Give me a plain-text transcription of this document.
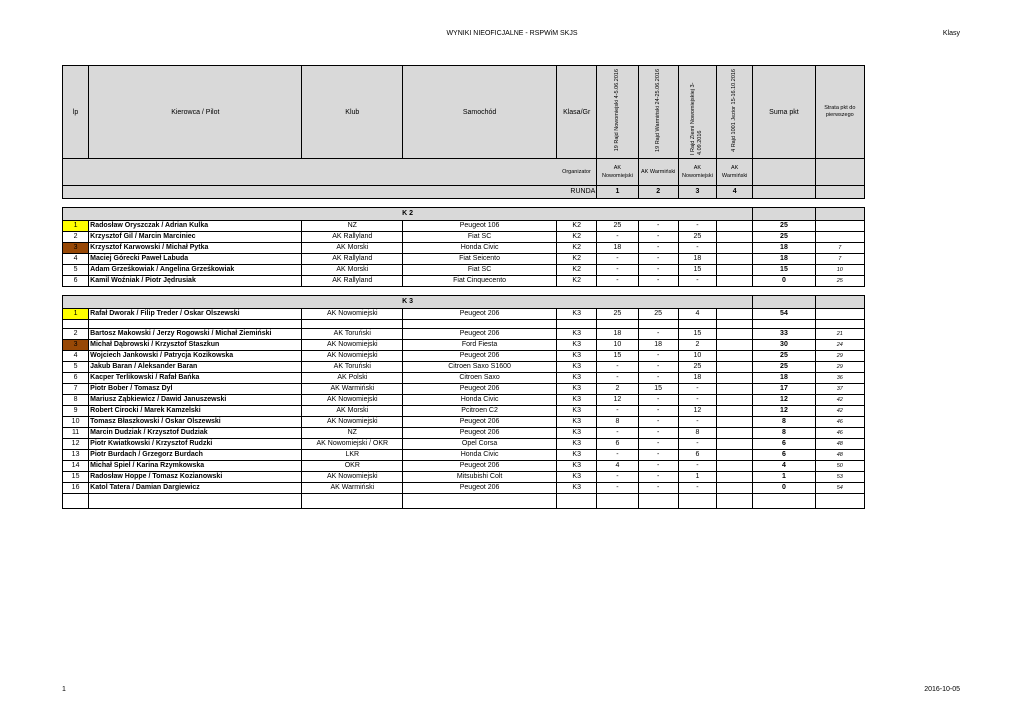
WYNIKI NIEOFICJALNE - RSPWiM SKJS	Klasy
lp	Kierowca / Pilot	Klub	Samochód	Klasa/Gr	19 Rajd Nowomiejski 4-5.06.2016	19 Rajd Warmiński 24-25.06.2016	I Rajd Ziemi Nowomiejskiej 3-4.09.2016	4 Rajd 1001 Jezior 15-16.10.2016	Suma pkt	Strata pkt do pierwszego
				Organizator	AK Nowomiejski	AK Warmiński	AK Nowomiejski	AK Warmiński		
				RUNDA	1	2	3	4		

K 2										
1	Radosław Oryszczak / Adrian Kulka	NZ	Peugeot 106	K2	25	-	-		25	
2	Krzysztof Gil / Marcin Marciniec	AK Rallyland	Fiat SC	K2	-	-	25		25	
3	Krzysztof Karwowski / Michał Pytka	AK Morski	Honda Civic	K2	18	-	-		18	7
4	Maciej Górecki Paweł Labuda	AK Rallyland	Fiat Seicento	K2	-	-	18		18	7
5	Adam Grześkowiak / Angelina Grześkowiak	AK Morski	Fiat SC	K2	-	-	15		15	10
6	Kamil Woźniak / Piotr Jędrusiak	AK Rallyland	Fiat Cinquecento	K2	-	-	-		0	25

K 3										
1	Rafał Dworak / Filip Treder / Oskar Olszewski	AK Nowomiejski	Peugeot 206	K3	25	25	4		54	

2	Bartosz Makowski / Jerzy Rogowski / Michał Ziemiński	AK Toruński	Peugeot 206	K3	18	-	15		33	21
3	Michał Dąbrowski / Krzysztof Staszkun	AK Nowomiejski	Ford Fiesta	K3	10	18	2		30	24
4	Wojciech Jankowski / Patrycja Kozikowska	AK Nowomiejski	Peugeot 206	K3	15	-	10		25	29
5	Jakub Baran / Aleksander Baran	AK Toruński	Citroen Saxo S1600	K3	-	-	25		25	29
6	Kacper Terlikowski / Rafał Bańka	AK Polski	Citroen Saxo	K3	-	-	18		18	36
7	Piotr Bober / Tomasz Dyl	AK Warmiński	Peugeot 206	K3	2	15	-		17	37
8	Mariusz Ząbkiewicz / Dawid Januszewski	AK Nowomiejski	Honda Civic	K3	12	-	-		12	42
9	Robert Cirocki / Marek Kamzelski	AK Morski	Pcitroen C2	K3	-	-	12		12	42
10	Tomasz Błaszkowski / Oskar Olszewski	AK Nowomiejski	Peugeot 206	K3	8	-	-		8	46
11	Marcin Dudziak / Krzysztof Dudziak	NZ	Peugeot 206	K3	-	-	8		8	46
12	Piotr Kwiatkowski / Krzysztof Rudzki	AK Nowomiejski / OKR	Opel Corsa	K3	6	-	-		6	48
13	Piotr Burdach / Grzegorz Burdach	LKR	Honda Civic	K3	-	-	6		6	48
14	Michał Spiel / Karina Rzymkowska	OKR	Peugeot 206	K3	4	-	-		4	50
15	Radosław Hoppe / Tomasz Kozianowski	AK Nowomiejski	Mitsubishi Colt	K3	-	-	1		1	53
16	Katol Tatera / Damian Dargiewicz	AK Warmiński	Peugeot 206	K3	-	-	-		0	54

1	2016-10-05
